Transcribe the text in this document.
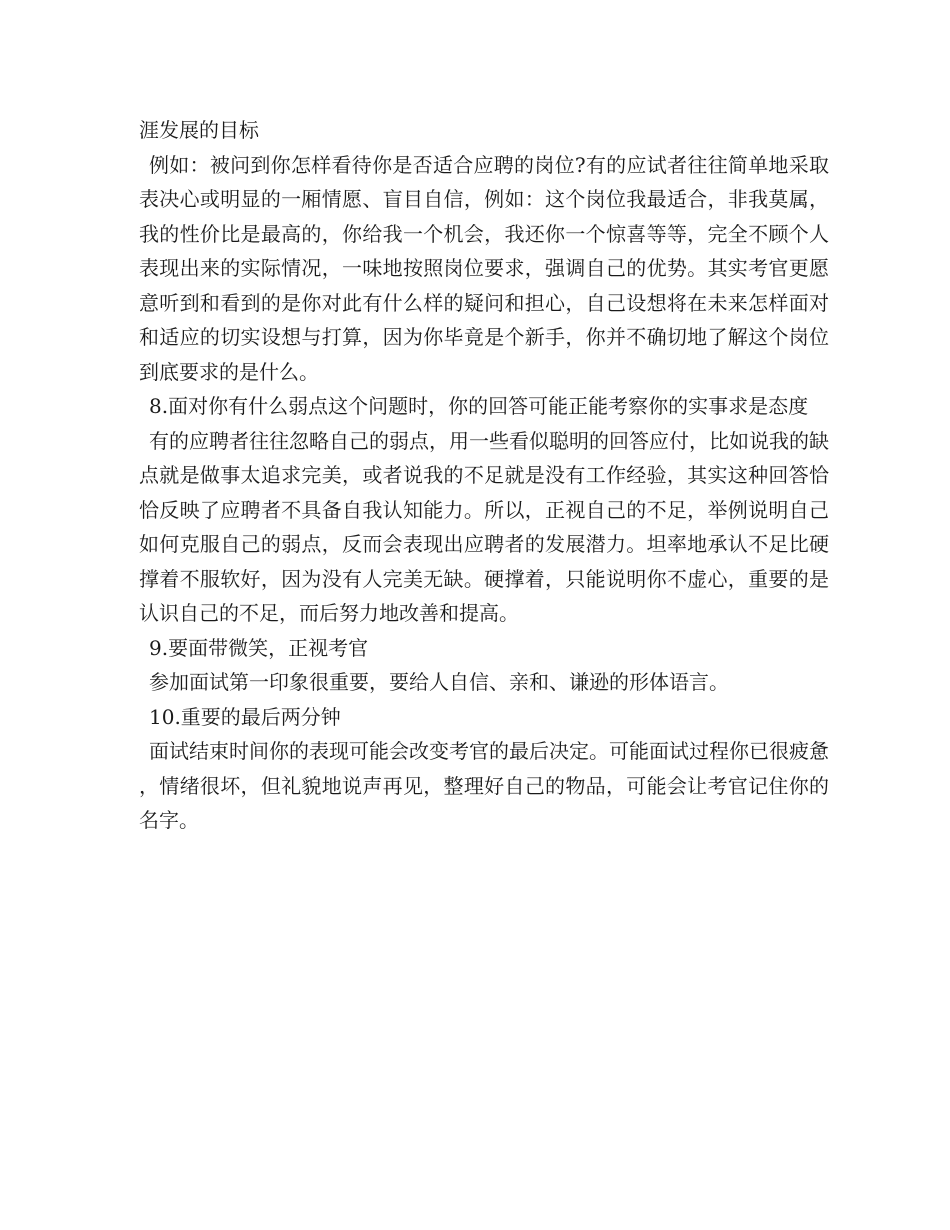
涯发展的目标

例如：被问到你怎样看待你是否适合应聘的岗位?有的应试者往往简单地采取表决心或明显的一厢情愿、盲目自信，例如：这个岗位我最适合，非我莫属，我的性价比是最高的，你给我一个机会，我还你一个惊喜等等，完全不顾个人表现出来的实际情况，一味地按照岗位要求，强调自己的优势。其实考官更愿意听到和看到的是你对此有什么样的疑问和担心，自己设想将在未来怎样面对和适应的切实设想与打算，因为你毕竟是个新手，你并不确切地了解这个岗位到底要求的是什么。

8.面对你有什么弱点这个问题时，你的回答可能正能考察你的实事求是态度

有的应聘者往往忽略自己的弱点，用一些看似聪明的回答应付，比如说我的缺点就是做事太追求完美，或者说我的不足就是没有工作经验，其实这种回答恰恰反映了应聘者不具备自我认知能力。所以，正视自己的不足，举例说明自己如何克服自己的弱点，反而会表现出应聘者的发展潜力。坦率地承认不足比硬撑着不服软好，因为没有人完美无缺。硬撑着，只能说明你不虚心，重要的是认识自己的不足，而后努力地改善和提高。

9.要面带微笑，正视考官

参加面试第一印象很重要，要给人自信、亲和、谦逊的形体语言。

10.重要的最后两分钟

面试结束时间你的表现可能会改变考官的最后决定。可能面试过程你已很疲惫，情绪很坏，但礼貌地说声再见，整理好自己的物品，可能会让考官记住你的名字。
